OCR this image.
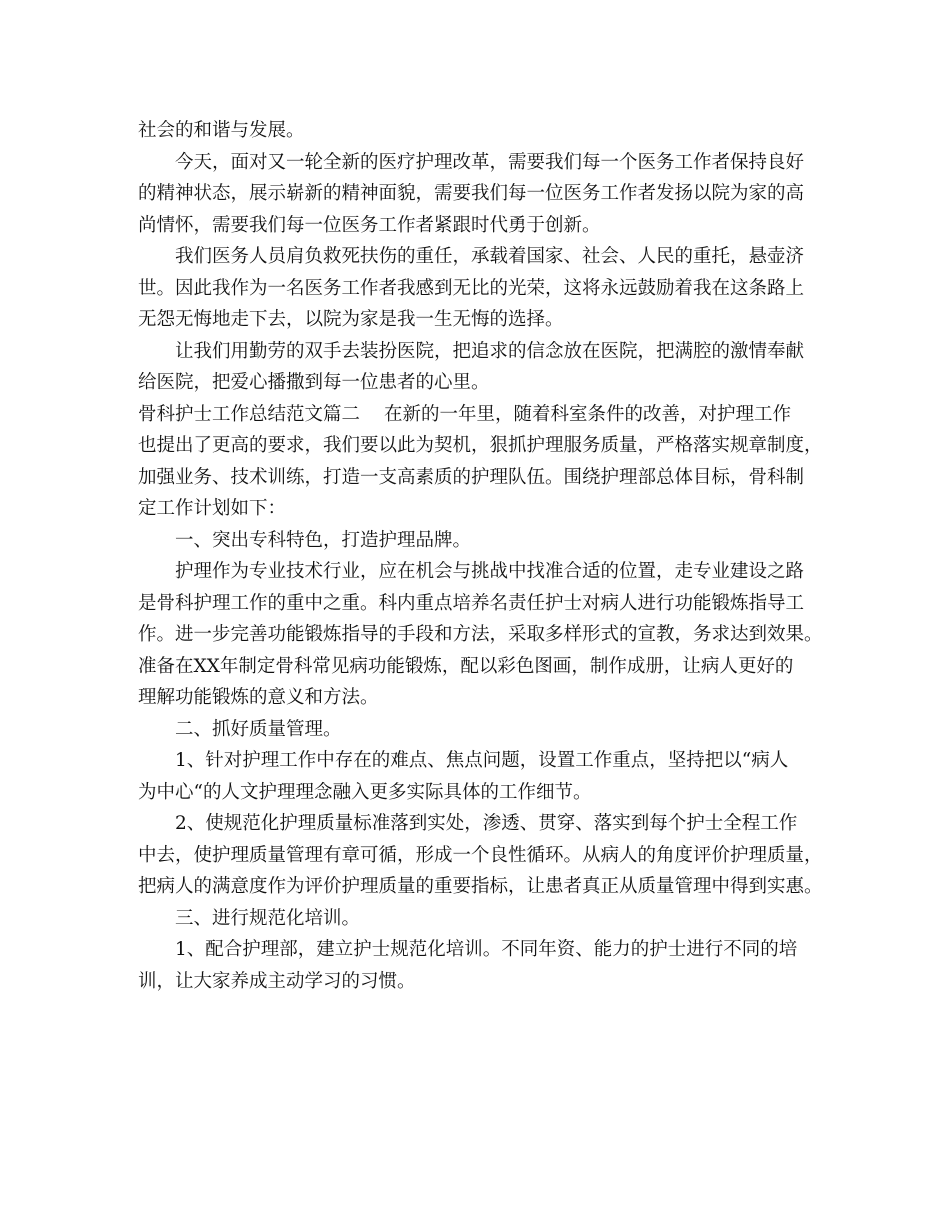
社会的和谐与发展。
今天，面对又一轮全新的医疗护理改革，需要我们每一个医务工作者保持良好
的精神状态，展示崭新的精神面貌，需要我们每一位医务工作者发扬以院为家的高
尚情怀，需要我们每一位医务工作者紧跟时代勇于创新。
我们医务人员肩负救死扶伤的重任，承载着国家、社会、人民的重托，悬壶济
世。因此我作为一名医务工作者我感到无比的光荣，这将永远鼓励着我在这条路上
无怨无悔地走下去，以院为家是我一生无悔的选择。
让我们用勤劳的双手去装扮医院，把追求的信念放在医院，把满腔的激情奉献
给医院，把爱心播撒到每一位患者的心里。
骨科护士工作总结范文篇二 在新的一年里，随着科室条件的改善，对护理工作
也提出了更高的要求，我们要以此为契机，狠抓护理服务质量，严格落实规章制度，
加强业务、技术训练，打造一支高素质的护理队伍。围绕护理部总体目标，骨科制
定工作计划如下：
一、突出专科特色，打造护理品牌。
护理作为专业技术行业，应在机会与挑战中找准合适的位置，走专业建设之路
是骨科护理工作的重中之重。科内重点培养名责任护士对病人进行功能锻炼指导工
作。进一步完善功能锻炼指导的手段和方法，采取多样形式的宣教，务求达到效果。
准备在XX年制定骨科常见病功能锻炼，配以彩色图画，制作成册，让病人更好的
理解功能锻炼的意义和方法。
二、抓好质量管理。
1、针对护理工作中存在的难点、焦点问题，设置工作重点，坚持把以“病人
为中心“的人文护理理念融入更多实际具体的工作细节。
2、使规范化护理质量标准落到实处，渗透、贯穿、落实到每个护士全程工作
中去，使护理质量管理有章可循，形成一个良性循环。从病人的角度评价护理质量，
把病人的满意度作为评价护理质量的重要指标，让患者真正从质量管理中得到实惠。
三、进行规范化培训。
1、配合护理部，建立护士规范化培训。不同年资、能力的护士进行不同的培
训，让大家养成主动学习的习惯。
